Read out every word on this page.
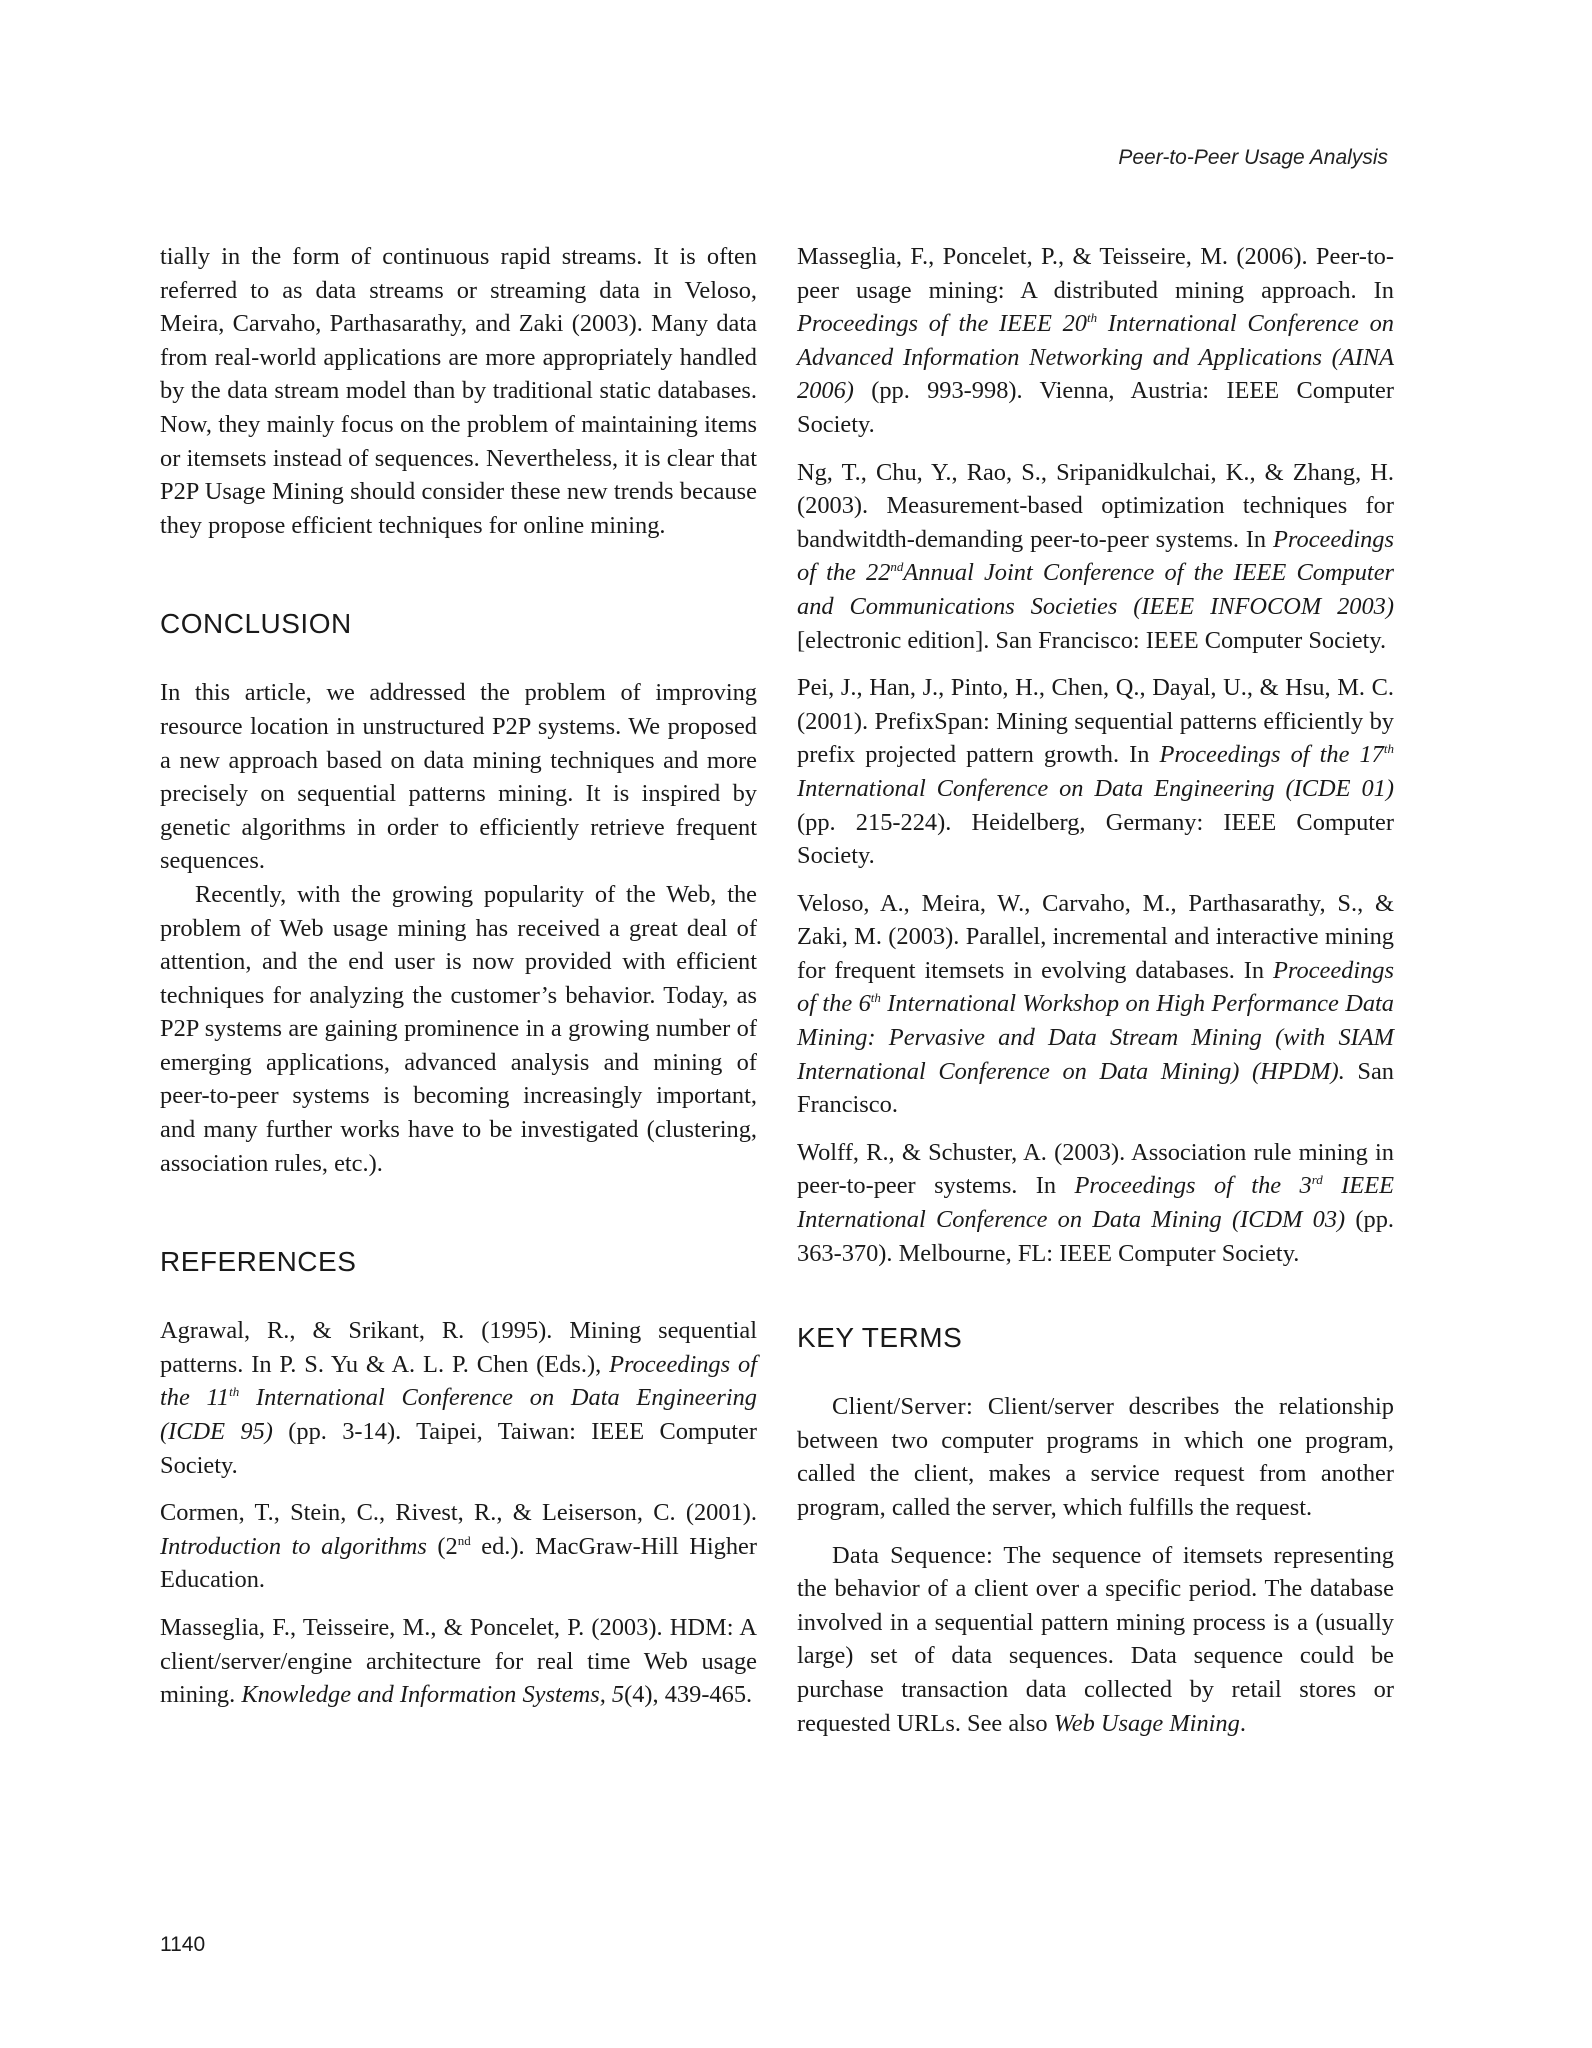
Peer-to-Peer Usage Analysis

tially in the form of continuous rapid streams. It is often referred to as data streams or streaming data in Veloso, Meira, Carvaho, Parthasarathy, and Zaki (2003). Many data from real-world applications are more appropriately handled by the data stream model than by traditional static databases. Now, they mainly focus on the problem of maintaining items or itemsets instead of sequences. Nevertheless, it is clear that P2P Usage Mining should consider these new trends because they propose efficient techniques for online mining.

CONCLUSION

In this article, we addressed the problem of improving resource location in unstructured P2P systems. We proposed a new approach based on data mining techniques and more precisely on sequential patterns mining. It is inspired by genetic algorithms in order to efficiently retrieve frequent sequences.

Recently, with the growing popularity of the Web, the problem of Web usage mining has received a great deal of attention, and the end user is now provided with efficient techniques for analyzing the customer’s behavior. Today, as P2P systems are gaining prominence in a growing number of emerging applications, advanced analysis and mining of peer-to-peer systems is becoming increasingly important, and many further works have to be investigated (clustering, association rules, etc.).

REFERENCES

Agrawal, R., & Srikant, R. (1995). Mining sequential patterns. In P. S. Yu & A. L. P. Chen (Eds.), Proceedings of the 11th International Conference on Data Engineering (ICDE 95) (pp. 3-14). Taipei, Taiwan: IEEE Computer Society.

Cormen, T., Stein, C., Rivest, R., & Leiserson, C. (2001). Introduction to algorithms (2nd ed.). MacGraw-Hill Higher Education.

Masseglia, F., Teisseire, M., & Poncelet, P. (2003). HDM: A client/server/engine architecture for real time Web usage mining. Knowledge and Information Systems, 5(4), 439-465.

Masseglia, F., Poncelet, P., & Teisseire, M. (2006). Peer-to-peer usage mining: A distributed mining approach. In Proceedings of the IEEE 20th International Conference on Advanced Information Networking and Applications (AINA 2006) (pp. 993-998). Vienna, Austria: IEEE Computer Society.

Ng, T., Chu, Y., Rao, S., Sripanidkulchai, K., & Zhang, H. (2003). Measurement-based optimization techniques for bandwitdth-demanding peer-to-peer systems. In Proceedings of the 22ndAnnual Joint Conference of the IEEE Computer and Communications Societies (IEEE INFOCOM 2003) [electronic edition]. San Francisco: IEEE Computer Society.

Pei, J., Han, J., Pinto, H., Chen, Q., Dayal, U., & Hsu, M. C. (2001). PrefixSpan: Mining sequential patterns efficiently by prefix projected pattern growth. In Proceedings of the 17th International Conference on Data Engineering (ICDE 01) (pp. 215-224). Heidelberg, Germany: IEEE Computer Society.

Veloso, A., Meira, W., Carvaho, M., Parthasarathy, S., & Zaki, M. (2003). Parallel, incremental and interactive mining for frequent itemsets in evolving databases. In Proceedings of the 6th International Workshop on High Performance Data Mining: Pervasive and Data Stream Mining (with SIAM International Conference on Data Mining) (HPDM). San Francisco.

Wolff, R., & Schuster, A. (2003). Association rule mining in peer-to-peer systems. In Proceedings of the 3rd IEEE International Conference on Data Mining (ICDM 03) (pp. 363-370). Melbourne, FL: IEEE Computer Society.

KEY TERMS

Client/Server: Client/server describes the relationship between two computer programs in which one program, called the client, makes a service request from another program, called the server, which fulfills the request.

Data Sequence: The sequence of itemsets representing the behavior of a client over a specific period. The database involved in a sequential pattern mining process is a (usually large) set of data sequences. Data sequence could be purchase transaction data collected by retail stores or requested URLs. See also Web Usage Mining.

1140
